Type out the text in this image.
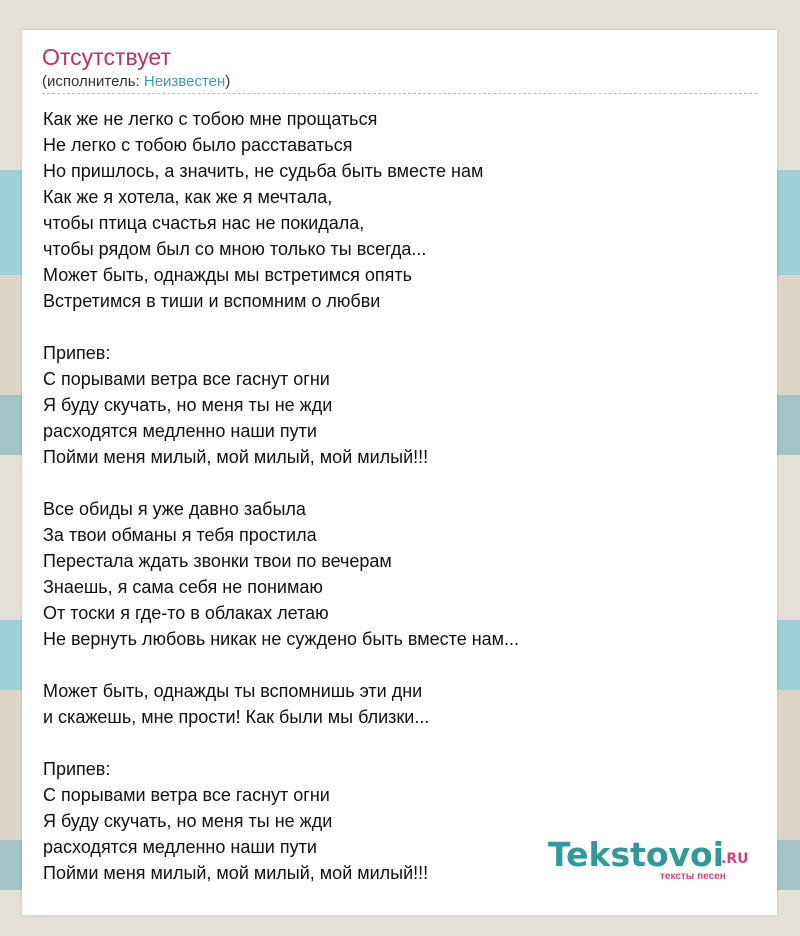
Отсутствует
(исполнитель: Неизвестен)
Как же не легко с тобою мне прощаться
Не легко с тобою было расставаться
Но пришлось, а значить, не судьба быть вместе нам
Как же я хотела, как же я мечтала,
чтобы птица счастья нас не покидала,
чтобы рядом был со мною только ты всегда...
Может быть, однажды мы встретимся опять
Встретимся в тиши и вспомним о любви
Припев:
С порывами ветра все гаснут огни
Я буду скучать, но меня ты не жди
расходятся медленно наши пути
Пойми меня милый, мой милый, мой милый!!!
Все обиды я уже давно забыла
За твои обманы я тебя простила
Перестала ждать звонки твои по вечерам
Знаешь, я сама себя не понимаю
От тоски я где-то в облаках летаю
Не вернуть любовь никак не суждено быть вместе нам...
Может быть, однажды ты вспомнишь эти дни
и скажешь, мне прости! Как были мы близки...
Припев:
С порывами ветра все гаснут огни
Я буду скучать, но меня ты не жди
расходятся медленно наши пути
Пойми меня милый, мой милый, мой милый!!!	Tekstovoi
.RU
тексты песен
